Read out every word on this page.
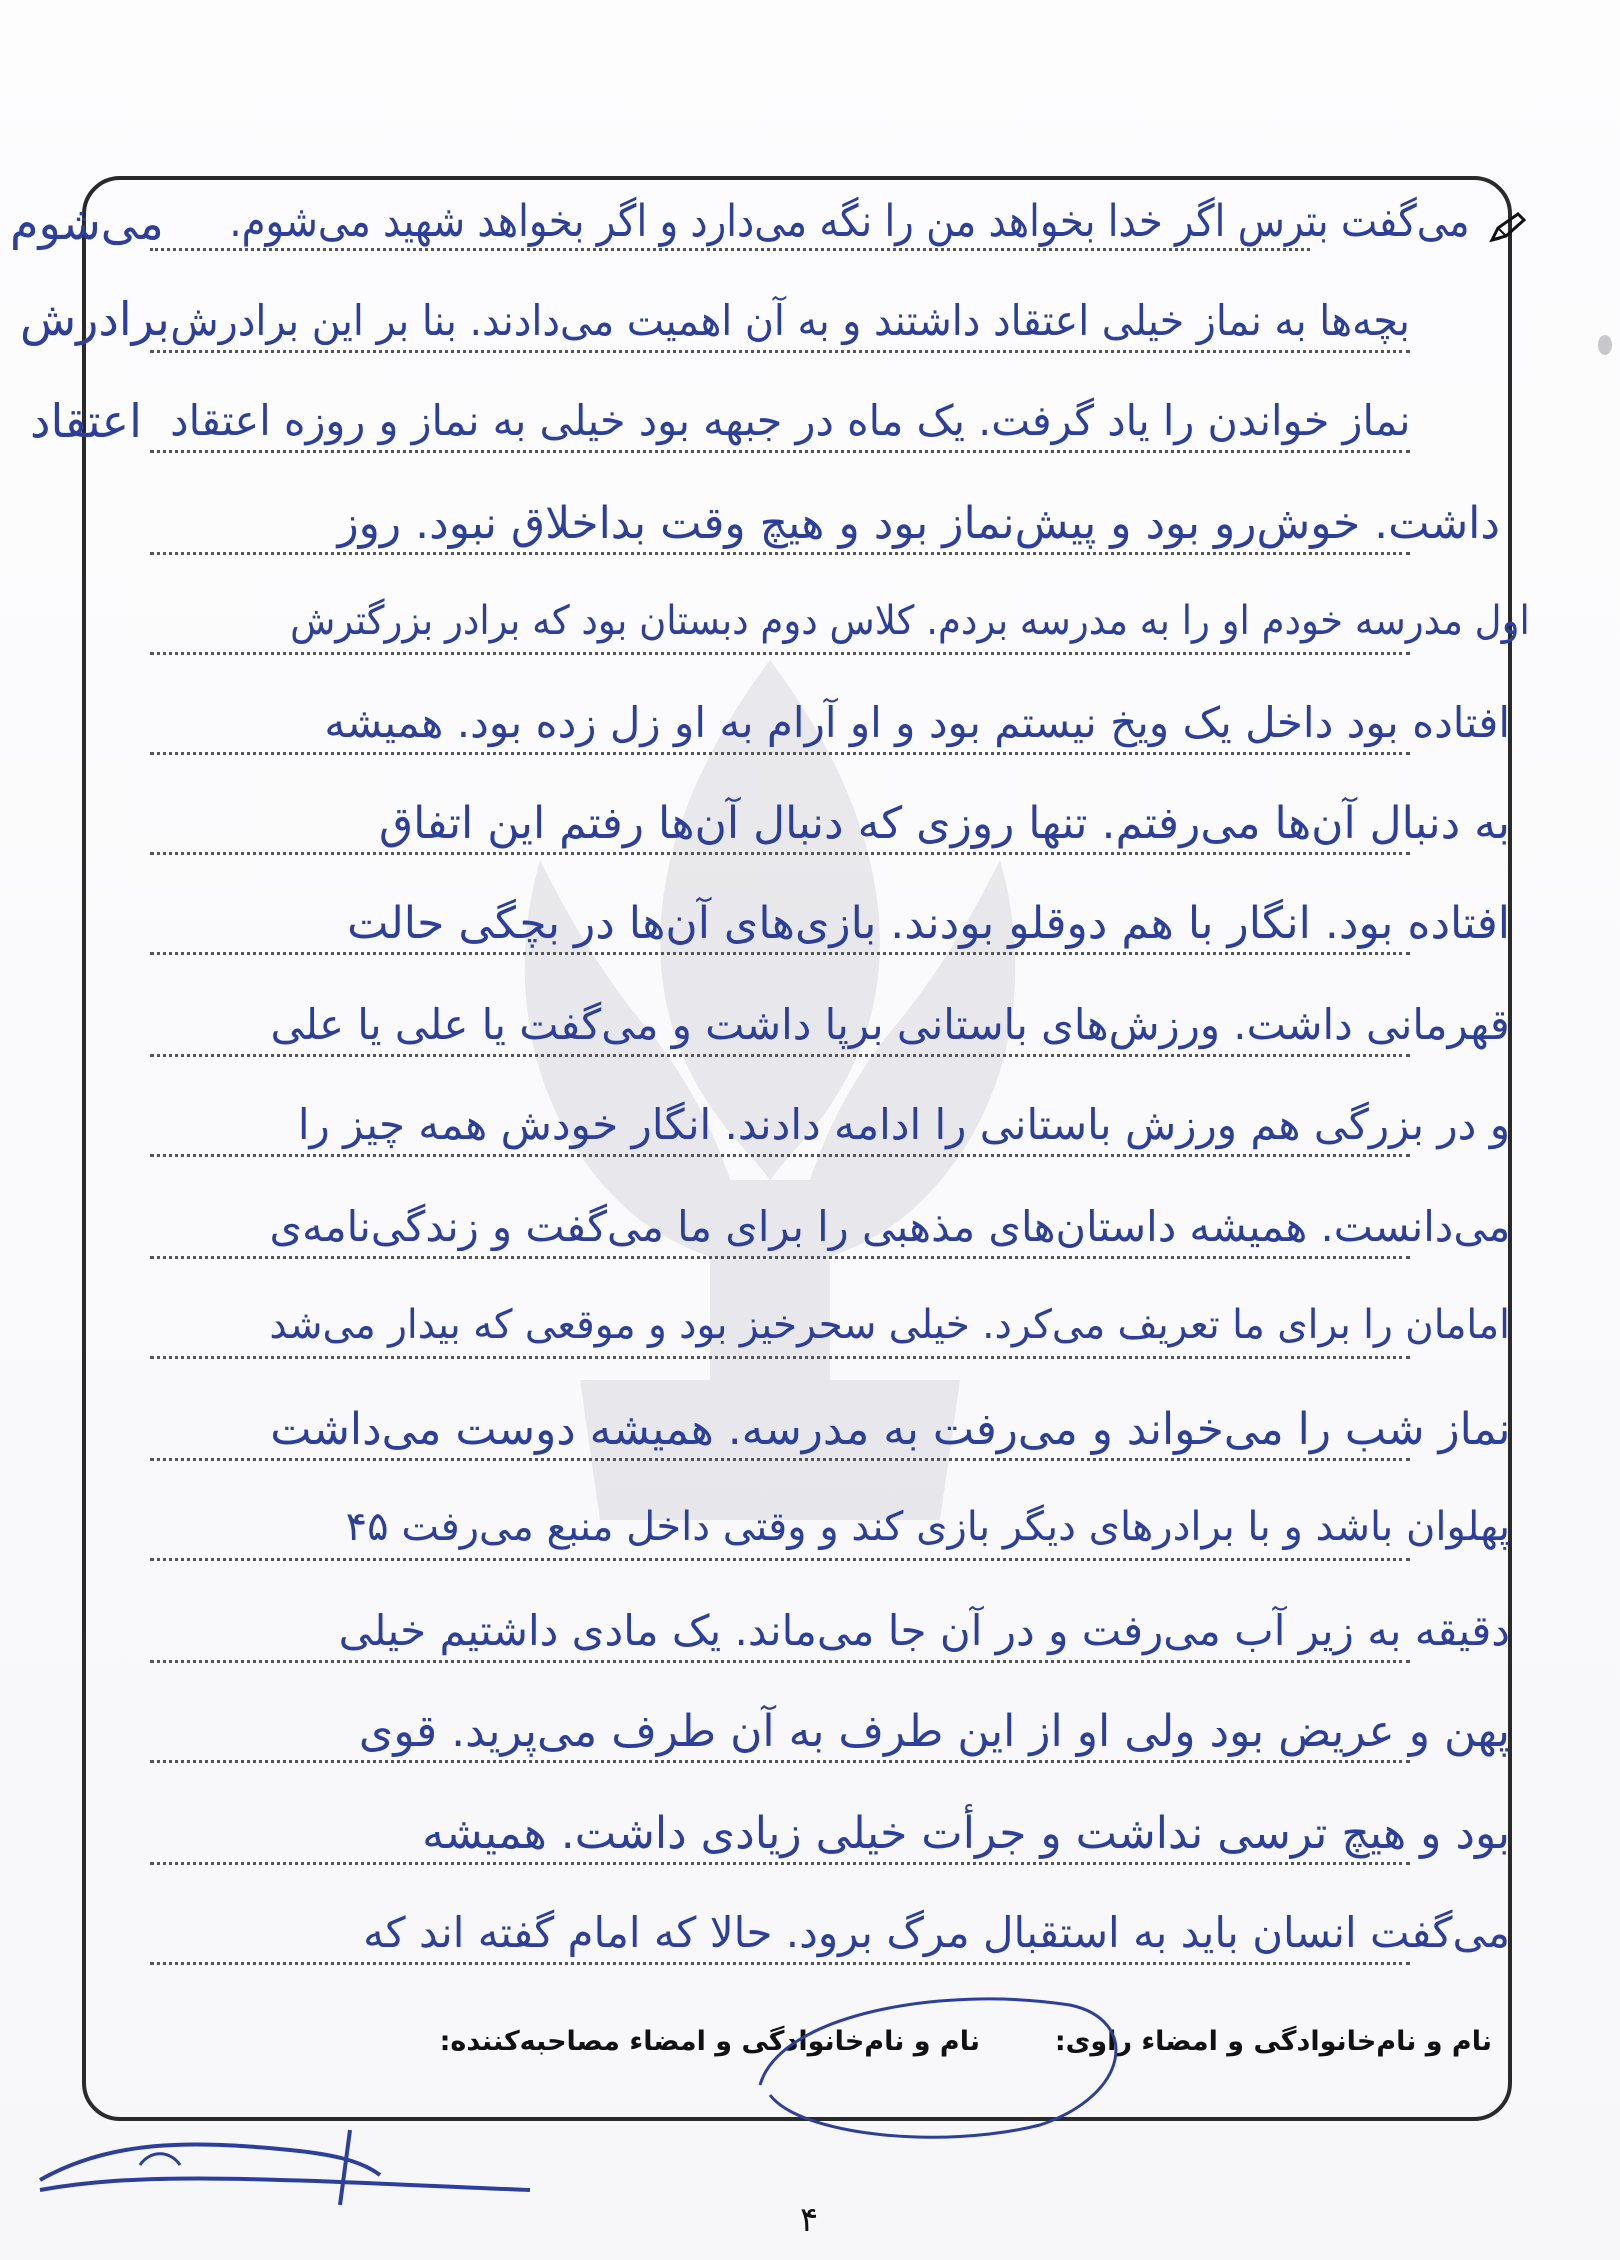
می‌گفت بترس اگر خدا بخواهد من را نگه می‌دارد و اگر بخواهد شهید می‌شوم.
بچه‌ها به نماز خیلی اعتقاد داشتند و به آن اهمیت می‌دادند. بنا بر این برادرش
نماز خواندن را یاد گرفت. یک ماه در جبهه بود خیلی به نماز و روزه اعتقاد
داشت. خوش‌رو بود و پیش‌نماز بود و هیچ وقت بداخلاق نبود. روز
اول مدرسه خودم او را به مدرسه بردم. کلاس دوم دبستان بود که برادر بزرگترش
افتاده بود داخل یک ویخ نیستم بود و او آرام به او زل زده بود. همیشه
به دنبال آن‌ها می‌رفتم. تنها روزی که دنبال آن‌ها رفتم این اتفاق
افتاده بود. انگار با هم دوقلو بودند. بازی‌های آن‌ها در بچگی حالت
قهرمانی داشت. ورزش‌های باستانی برپا داشت و می‌گفت یا علی یا علی
و در بزرگی هم ورزش باستانی را ادامه دادند. انگار خودش همه چیز را
می‌دانست. همیشه داستان‌های مذهبی را برای ما می‌گفت و زندگی‌نامه‌ی
امامان را برای ما تعریف می‌کرد. خیلی سحرخیز بود و موقعی که بیدار می‌شد
نماز شب را می‌خواند و می‌رفت به مدرسه. همیشه دوست می‌داشت
پهلوان باشد و با برادرهای دیگر بازی کند و وقتی داخل منبع می‌رفت ۴۵
دقیقه به زیر آب می‌رفت و در آن جا می‌ماند. یک مادی داشتیم خیلی
پهن و عریض بود ولی او از این طرف به آن طرف می‌پرید. قوی
بود و هیچ ترسی نداشت و جرأت خیلی زیادی داشت. همیشه
می‌گفت انسان باید به استقبال مرگ برود. حالا که امام گفته اند که
می‌شوم
برادرش
اعتقاد
نام و نام‌خانوادگی و امضاء راوی:
نام و نام‌خانوادگی و امضاء مصاحبه‌کننده:
۴
